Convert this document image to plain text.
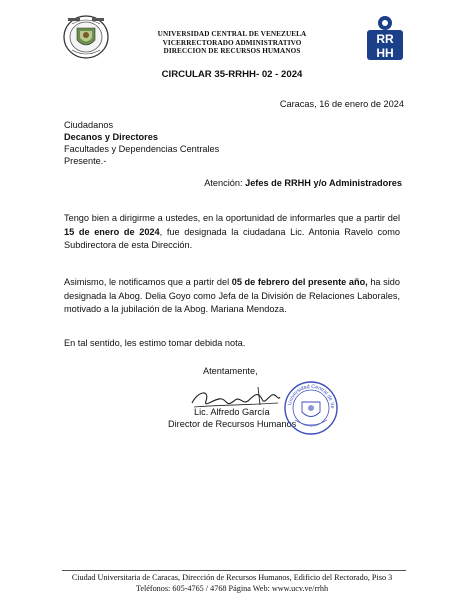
UNIVERSIDAD CENTRAL DE VENEZUELA
VICERRECTORADO ADMINISTRATIVO
DIRECCION DE RECURSOS HUMANOS
RR
HH
CIRCULAR 35-RRHH- 02 - 2024
Caracas, 16 de enero de 2024
Ciudadanos
Decanos y Directores
Facultades y Dependencias Centrales
Presente.-
Atención: Jefes de RRHH y/o Administradores
Tengo bien a dirigirme a ustedes, en la oportunidad de informarles que a partir del 15 de enero de 2024, fue designada la ciudadana Lic. Antonia Ravelo como Subdirectora de esta Dirección.
Asimismo, le notificamos que a partir del 05 de febrero del presente año, ha sido designada la Abog. Delia Goyo como Jefa de la División de Relaciones Laborales, motivado a la jubilación de la Abog. Mariana Mendoza.
En tal sentido, les estimo tomar debida nota.
Atentamente,
Lic. Alfredo García
Director de Recursos Humanos
Universidad Central de Ve
Ciudad Universitaria de Caracas, Dirección de Recursos Humanos, Edificio del Rectorado, Piso 3
Teléfonos: 605-4765 / 4768 Página Web: www.ucv.ve/rrhh
